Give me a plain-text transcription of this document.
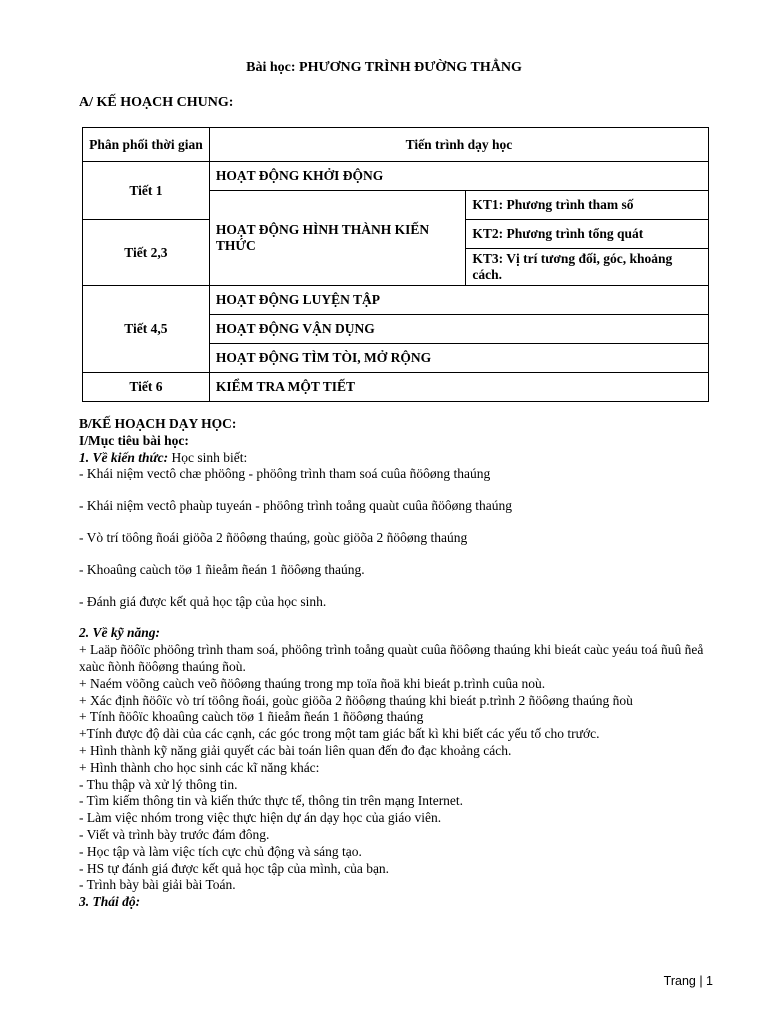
Bài học: PHƯƠNG TRÌNH ĐƯỜNG THẲNG
A/ KẾ HOẠCH CHUNG:
Phân phối thời gian	Tiến trình dạy học	
Tiết 1	HOẠT ĐỘNG KHỞI ĐỘNG	
	HOẠT ĐỘNG HÌNH THÀNH KIẾN THỨC	KT1: Phương trình tham số
Tiết 2,3		KT2: Phương trình tổng quát
		KT3: Vị trí tương đối, góc, khoảng cách.
Tiết 4,5	HOẠT ĐỘNG LUYỆN TẬP	
	HOẠT ĐỘNG VẬN DỤNG	
	HOẠT ĐỘNG TÌM TÒI, MỞ RỘNG	
Tiết 6	KIỂM TRA MỘT TIẾT	
B/KẾ HOẠCH DẠY HỌC:
I/Mục tiêu bài học:
1. Về kiến thức: Học sinh biết:
- Khái niệm vectô chæ phöông - phöông trình tham soá cuûa ñöôøng thaúng
- Khái niệm vectô phaùp tuyeán - phöông trình toång quaùt cuûa ñöôøng thaúng
- Vò trí töông ñoái giöõa 2 ñöôøng thaúng, goùc giöõa 2 ñöôøng thaúng
- Khoaûng caùch töø 1 ñieåm ñeán 1 ñöôøng thaúng.
- Đánh giá được kết quả học tập của học sinh.
2. Về kỹ năng:
+ Laäp ñöôïc phöông trình tham soá, phöông trình toång quaùt cuûa ñöôøng thaúng khi bieát caùc yeáu toá ñuû ñeå xaùc ñònh ñöôøng thaúng ñoù.
+ Naém vöõng caùch veõ ñöôøng thaúng trong mp toïa ñoä khi bieát p.trình cuûa noù.
+ Xác định ñöôïc vò trí töông ñoái, goùc giöõa 2 ñöôøng thaúng khi bieát p.trình 2 ñöôøng thaúng ñoù
+ Tính ñöôïc khoaûng caùch töø 1 ñieåm ñeán 1 ñöôøng thaúng
+Tính được độ dài của các cạnh, các góc trong một tam giác bất kì khi biết các yếu tố cho trước.
+ Hình thành kỹ năng giải quyết các bài toán liên quan đến đo đạc khoảng cách.
+ Hình thành cho học sinh các kĩ năng khác:
- Thu thập và xử lý thông tin.
- Tìm kiếm thông tin và kiến thức thực tế, thông tin trên mạng Internet.
- Làm việc nhóm trong việc thực hiện dự án dạy học của giáo viên.
- Viết và trình bày trước đám đông.
- Học tập và làm việc tích cực chủ động và sáng tạo.
- HS tự đánh giá được kết quả học tập của mình, của bạn.
- Trình bày bài giải bài Toán.
3. Thái độ:
Trang | 1
